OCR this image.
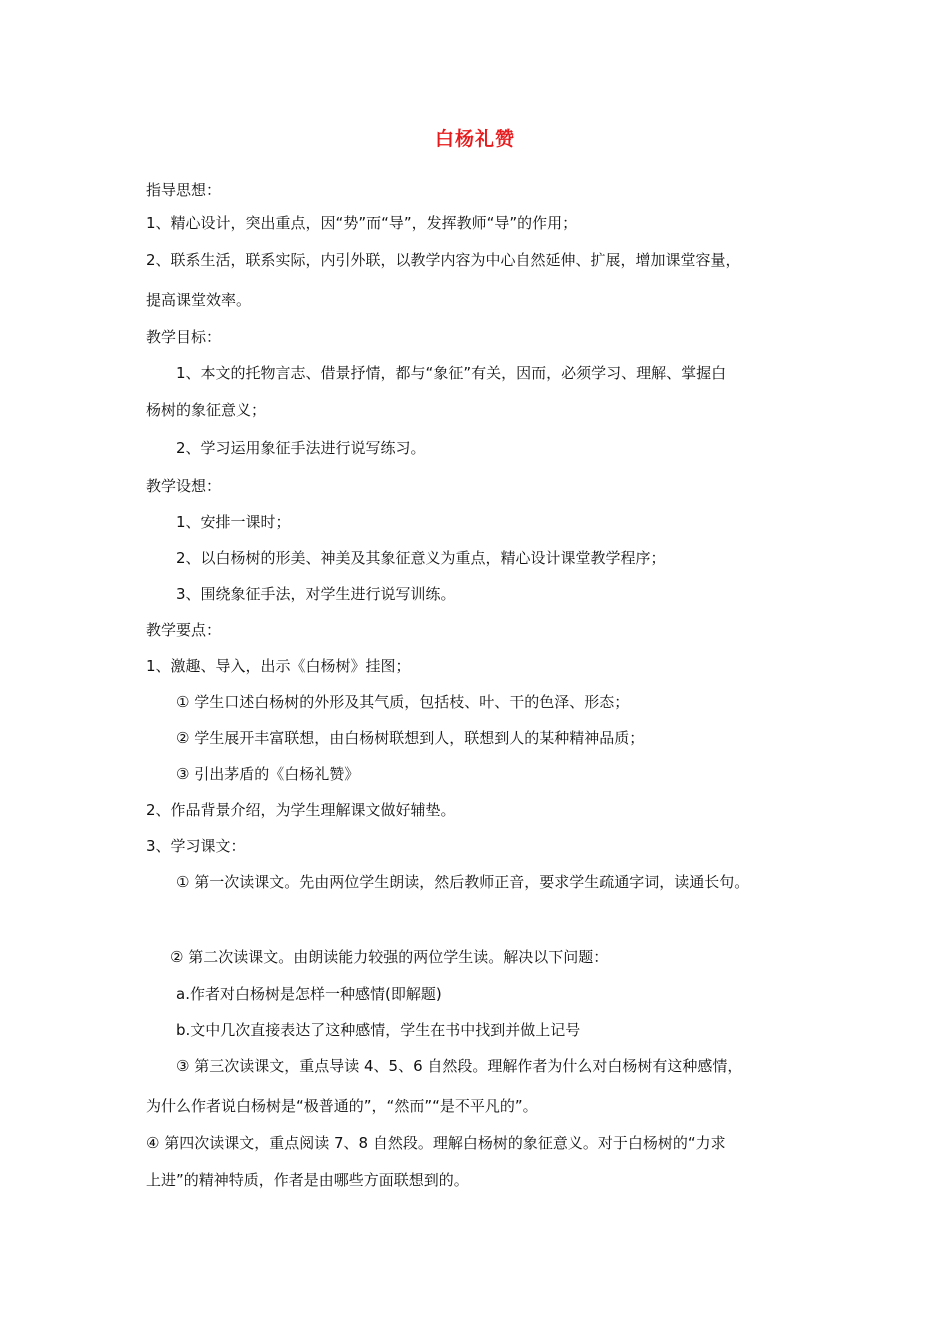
白杨礼赞
指导思想：
1、精心设计，突出重点，因“势”而“导”，发挥教师“导”的作用；
2、联系生活，联系实际，内引外联，以教学内容为中心自然延伸、扩展，增加课堂容量，
提高课堂效率。
教学目标：
1、本文的托物言志、借景抒情，都与“象征”有关，因而，必须学习、理解、掌握白
杨树的象征意义；
2、学习运用象征手法进行说写练习。
教学设想：
1、安排一课时；
2、以白杨树的形美、神美及其象征意义为重点，精心设计课堂教学程序；
3、围绕象征手法，对学生进行说写训练。
教学要点：
1、激趣、导入，出示《白杨树》挂图；
① 学生口述白杨树的外形及其气质，包括枝、叶、干的色泽、形态；
② 学生展开丰富联想，由白杨树联想到人，联想到人的某种精神品质；
③ 引出茅盾的《白杨礼赞》
2、作品背景介绍，为学生理解课文做好辅垫。
3、学习课文：
① 第一次读课文。先由两位学生朗读，然后教师正音，要求学生疏通字词，读通长句。
② 第二次读课文。由朗读能力较强的两位学生读。解决以下问题：
a.作者对白杨树是怎样一种感情(即解题)
b.文中几次直接表达了这种感情，学生在书中找到并做上记号
③ 第三次读课文，重点导读 4、5、6 自然段。理解作者为什么对白杨树有这种感情，
为什么作者说白杨树是“极普通的”，“然而”“是不平凡的”。
④ 第四次读课文，重点阅读 7、8 自然段。理解白杨树的象征意义。对于白杨树的“力求
上进”的精神特质，作者是由哪些方面联想到的。
